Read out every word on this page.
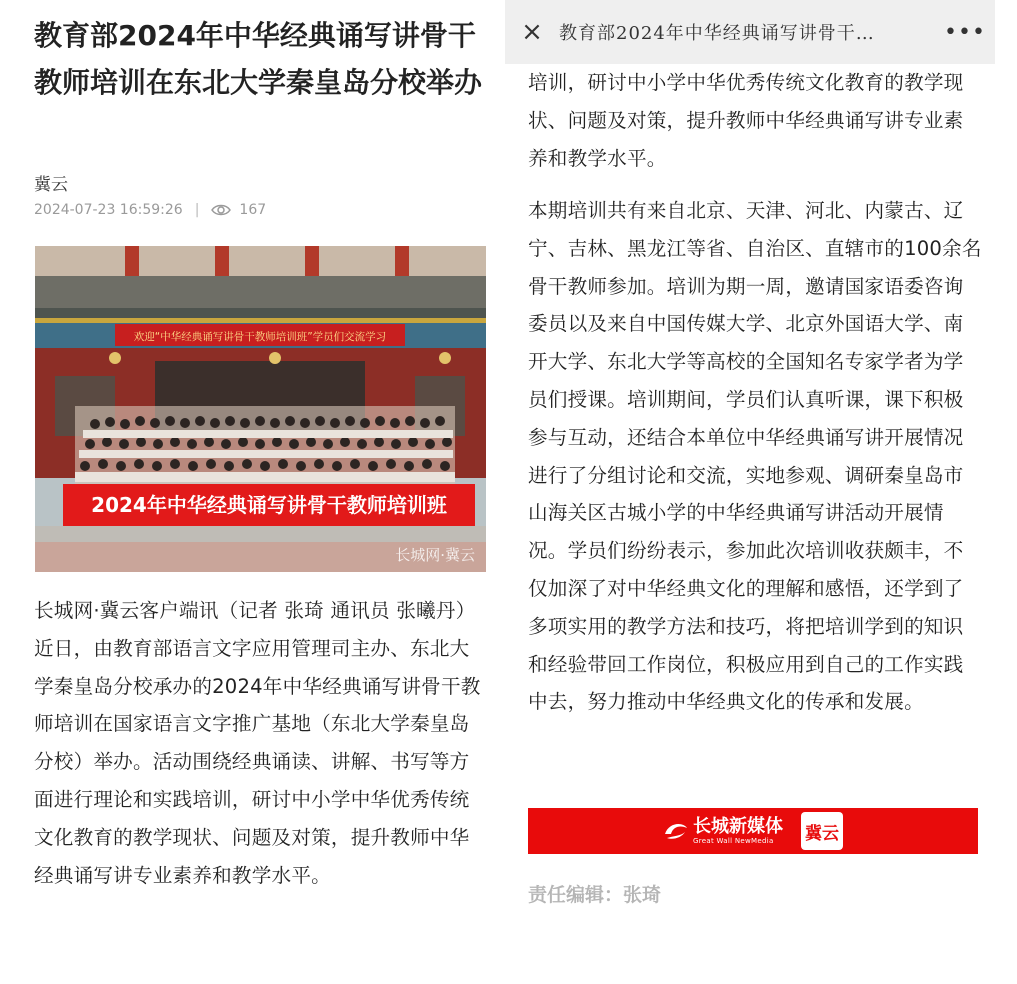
教育部2024年中华经典诵写讲骨干教师培训在东北大学秦皇岛分校举办
冀云
2024-07-23 16:59:26 |	167
欢迎“中华经典诵写讲骨干教师培训班”学员们交流学习
2024年中华经典诵写讲骨干教师培训班
长城网·冀云

长城网·冀云客户端讯（记者 张琦 通讯员 张曦丹）近日，由教育部语言文字应用管理司主办、东北大学秦皇岛分校承办的2024年中华经典诵写讲骨干教师培训在国家语言文字推广基地（东北大学秦皇岛分校）举办。活动围绕经典诵读、讲解、书写等方面进行理论和实践培训，研讨中小学中华优秀传统文化教育的教学现状、问题及对策，提升教师中华经典诵写讲专业素养和教学水平。

× 教育部2024年中华经典诵写讲骨干…	•••

培训，研讨中小学中华优秀传统文化教育的教学现状、问题及对策，提升教师中华经典诵写讲专业素养和教学水平。

本期培训共有来自北京、天津、河北、内蒙古、辽宁、吉林、黑龙江等省、自治区、直辖市的100余名骨干教师参加。培训为期一周，邀请国家语委咨询委员以及来自中国传媒大学、北京外国语大学、南开大学、东北大学等高校的全国知名专家学者为学员们授课。培训期间，学员们认真听课，课下积极参与互动，还结合本单位中华经典诵写讲开展情况进行了分组讨论和交流，实地参观、调研秦皇岛市山海关区古城小学的中华经典诵写讲活动开展情况。学员们纷纷表示，参加此次培训收获颇丰，不仅加深了对中华经典文化的理解和感悟，还学到了多项实用的教学方法和技巧，将把培训学到的知识和经验带回工作岗位，积极应用到自己的工作实践中去，努力推动中华经典文化的传承和发展。

长城新媒体
Great Wall NewMedia 冀云
责任编辑：张琦
